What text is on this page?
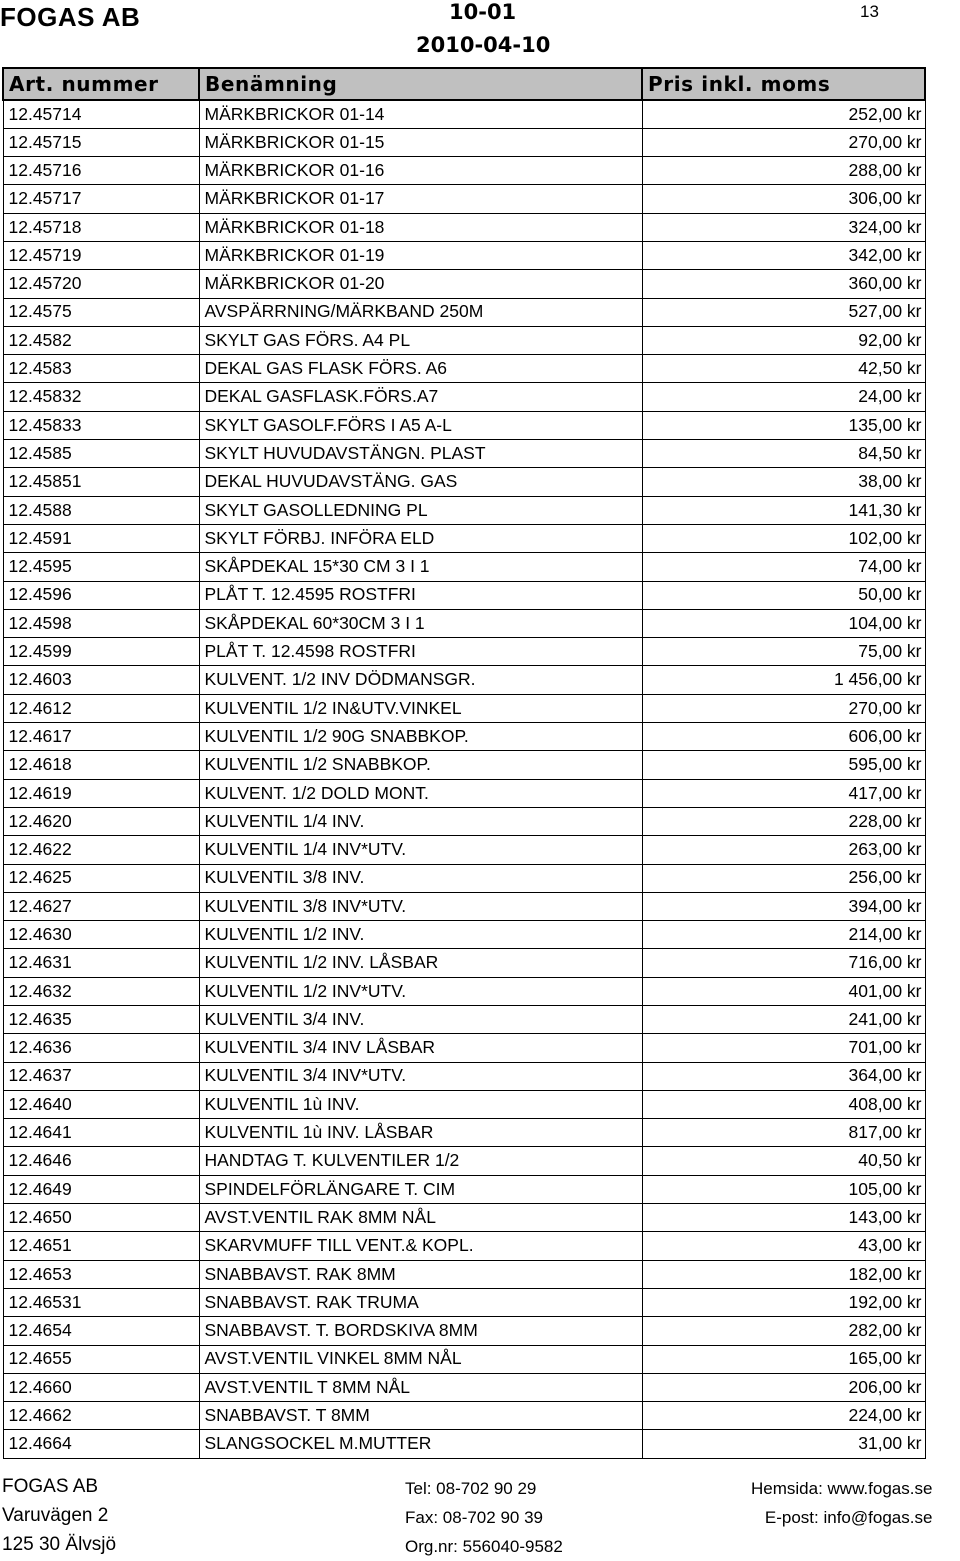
FOGAS AB	10-01
2010-04-10
13
Art. nummer	Benämning	Pris inkl. moms
12.45714	MÄRKBRICKOR 01-14	252,00 kr
12.45715	MÄRKBRICKOR 01-15	270,00 kr
12.45716	MÄRKBRICKOR 01-16	288,00 kr
12.45717	MÄRKBRICKOR 01-17	306,00 kr
12.45718	MÄRKBRICKOR 01-18	324,00 kr
12.45719	MÄRKBRICKOR 01-19	342,00 kr
12.45720	MÄRKBRICKOR 01-20	360,00 kr
12.4575	AVSPÄRRNING/MÄRKBAND 250M	527,00 kr
12.4582	SKYLT GAS FÖRS. A4 PL	92,00 kr
12.4583	DEKAL GAS FLASK FÖRS. A6	42,50 kr
12.45832	DEKAL GASFLASK.FÖRS.A7	24,00 kr
12.45833	SKYLT GASOLF.FÖRS I A5 A-L	135,00 kr
12.4585	SKYLT HUVUDAVSTÄNGN. PLAST	84,50 kr
12.45851	DEKAL HUVUDAVSTÄNG. GAS	38,00 kr
12.4588	SKYLT GASOLLEDNING PL	141,30 kr
12.4591	SKYLT FÖRBJ. INFÖRA ELD	102,00 kr
12.4595	SKÅPDEKAL 15*30 CM 3 I 1	74,00 kr
12.4596	PLÅT T. 12.4595 ROSTFRI	50,00 kr
12.4598	SKÅPDEKAL 60*30CM 3 I 1	104,00 kr
12.4599	PLÅT T. 12.4598 ROSTFRI	75,00 kr
12.4603	KULVENT. 1/2 INV DÖDMANSGR.	1 456,00 kr
12.4612	KULVENTIL 1/2 IN&UTV.VINKEL	270,00 kr
12.4617	KULVENTIL 1/2 90G SNABBKOP.	606,00 kr
12.4618	KULVENTIL 1/2 SNABBKOP.	595,00 kr
12.4619	KULVENT. 1/2 DOLD MONT.	417,00 kr
12.4620	KULVENTIL 1/4 INV.	228,00 kr
12.4622	KULVENTIL 1/4 INV*UTV.	263,00 kr
12.4625	KULVENTIL 3/8 INV.	256,00 kr
12.4627	KULVENTIL 3/8 INV*UTV.	394,00 kr
12.4630	KULVENTIL 1/2 INV.	214,00 kr
12.4631	KULVENTIL 1/2 INV. LÅSBAR	716,00 kr
12.4632	KULVENTIL 1/2 INV*UTV.	401,00 kr
12.4635	KULVENTIL 3/4 INV.	241,00 kr
12.4636	KULVENTIL 3/4 INV LÅSBAR	701,00 kr
12.4637	KULVENTIL 3/4 INV*UTV.	364,00 kr
12.4640	KULVENTIL 1ù INV.	408,00 kr
12.4641	KULVENTIL 1ù INV. LÅSBAR	817,00 kr
12.4646	HANDTAG T. KULVENTILER 1/2	40,50 kr
12.4649	SPINDELFÖRLÄNGARE T. CIM	105,00 kr
12.4650	AVST.VENTIL RAK 8MM NÅL	143,00 kr
12.4651	SKARVMUFF TILL VENT.& KOPL.	43,00 kr
12.4653	SNABBAVST. RAK 8MM	182,00 kr
12.46531	SNABBAVST. RAK TRUMA	192,00 kr
12.4654	SNABBAVST. T. BORDSKIVA 8MM	282,00 kr
12.4655	AVST.VENTIL VINKEL 8MM NÅL	165,00 kr
12.4660	AVST.VENTIL T 8MM NÅL	206,00 kr
12.4662	SNABBAVST. T 8MM	224,00 kr
12.4664	SLANGSOCKEL M.MUTTER	31,00 kr
FOGAS AB
Varuvägen 2
125 30 Älvsjö
Tel: 08-702 90 29
Fax: 08-702 90 39
Org.nr: 556040-9582
Hemsida: www.fogas.se
E-post: info@fogas.se
